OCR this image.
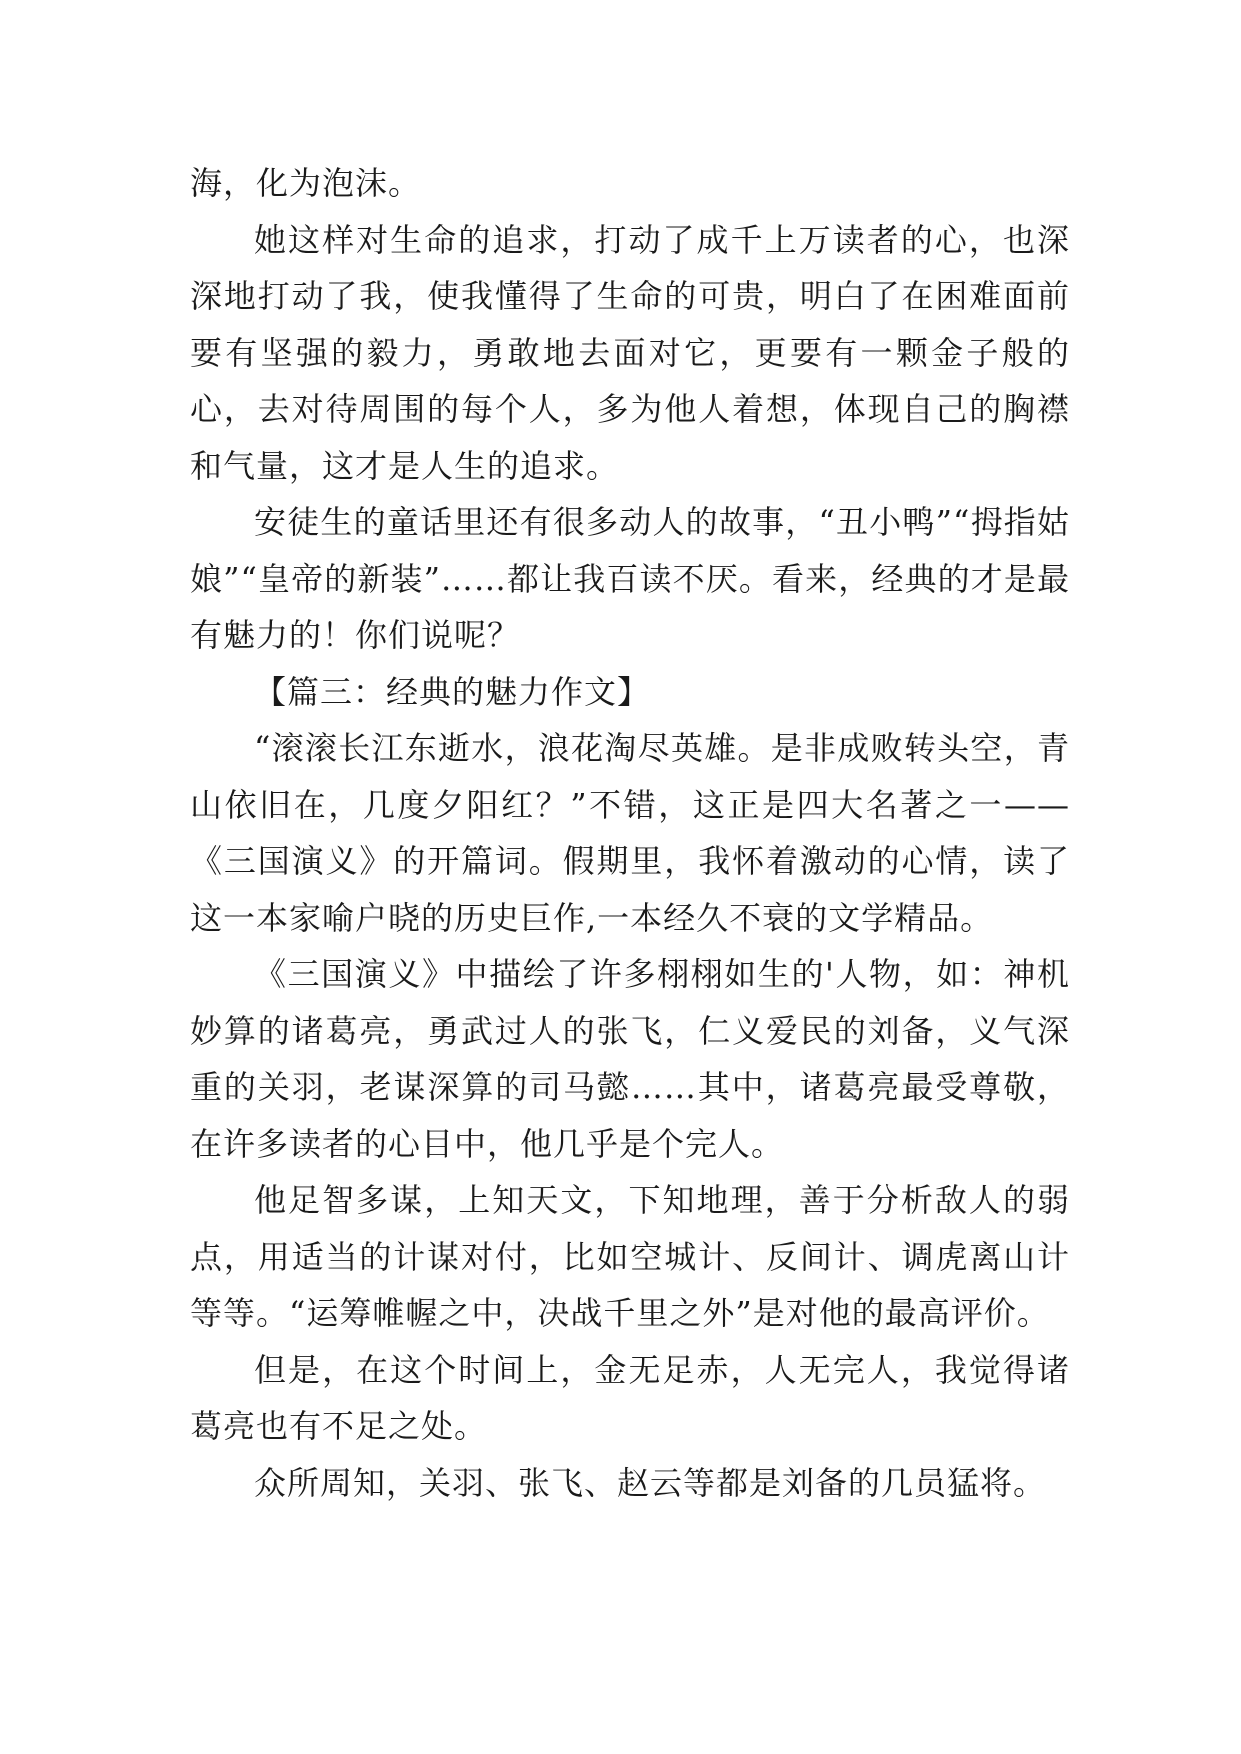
海，化为泡沫。

她这样对生命的追求，打动了成千上万读者的心，也深深地打动了我，使我懂得了生命的可贵，明白了在困难面前要有坚强的毅力，勇敢地去面对它，更要有一颗金子般的心，去对待周围的每个人，多为他人着想，体现自己的胸襟和气量，这才是人生的追求。

安徒生的童话里还有很多动人的故事，“丑小鸭”“拇指姑娘”“皇帝的新装”……都让我百读不厌。看来，经典的才是最有魅力的！你们说呢？

【篇三：经典的魅力作文】

“滚滚长江东逝水，浪花淘尽英雄。是非成败转头空，青山依旧在，几度夕阳红？”不错，这正是四大名著之一——《三国演义》的开篇词。假期里，我怀着激动的心情，读了这一本家喻户晓的历史巨作,一本经久不衰的文学精品。

《三国演义》中描绘了许多栩栩如生的'人物，如：神机妙算的诸葛亮，勇武过人的张飞，仁义爱民的刘备，义气深重的关羽，老谋深算的司马懿……其中，诸葛亮最受尊敬，在许多读者的心目中，他几乎是个完人。

他足智多谋，上知天文，下知地理，善于分析敌人的弱点，用适当的计谋对付，比如空城计、反间计、调虎离山计等等。“运筹帷幄之中，决战千里之外”是对他的最高评价。

但是，在这个时间上，金无足赤，人无完人，我觉得诸葛亮也有不足之处。

众所周知，关羽、张飞、赵云等都是刘备的几员猛将。
